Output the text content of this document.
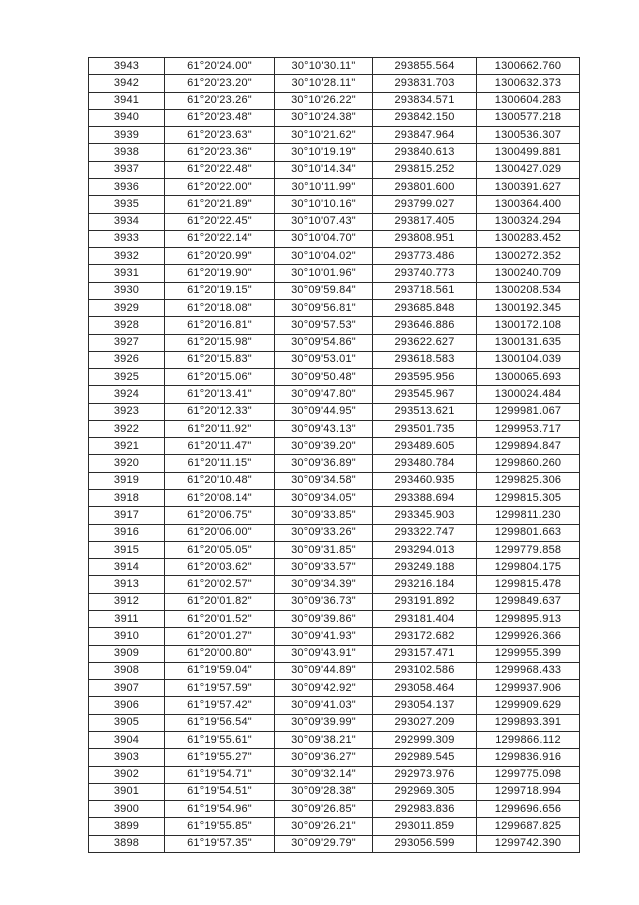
3943	61°20'24.00"	30°10'30.11"	293855.564	1300662.760
3942	61°20'23.20"	30°10'28.11"	293831.703	1300632.373
3941	61°20'23.26"	30°10'26.22"	293834.571	1300604.283
3940	61°20'23.48"	30°10'24.38"	293842.150	1300577.218
3939	61°20'23.63"	30°10'21.62"	293847.964	1300536.307
3938	61°20'23.36"	30°10'19.19"	293840.613	1300499.881
3937	61°20'22.48"	30°10'14.34"	293815.252	1300427.029
3936	61°20'22.00"	30°10'11.99"	293801.600	1300391.627
3935	61°20'21.89"	30°10'10.16"	293799.027	1300364.400
3934	61°20'22.45"	30°10'07.43"	293817.405	1300324.294
3933	61°20'22.14"	30°10'04.70"	293808.951	1300283.452
3932	61°20'20.99"	30°10'04.02"	293773.486	1300272.352
3931	61°20'19.90"	30°10'01.96"	293740.773	1300240.709
3930	61°20'19.15"	30°09'59.84"	293718.561	1300208.534
3929	61°20'18.08"	30°09'56.81"	293685.848	1300192.345
3928	61°20'16.81"	30°09'57.53"	293646.886	1300172.108
3927	61°20'15.98"	30°09'54.86"	293622.627	1300131.635
3926	61°20'15.83"	30°09'53.01"	293618.583	1300104.039
3925	61°20'15.06"	30°09'50.48"	293595.956	1300065.693
3924	61°20'13.41"	30°09'47.80"	293545.967	1300024.484
3923	61°20'12.33"	30°09'44.95"	293513.621	1299981.067
3922	61°20'11.92"	30°09'43.13"	293501.735	1299953.717
3921	61°20'11.47"	30°09'39.20"	293489.605	1299894.847
3920	61°20'11.15"	30°09'36.89"	293480.784	1299860.260
3919	61°20'10.48"	30°09'34.58"	293460.935	1299825.306
3918	61°20'08.14"	30°09'34.05"	293388.694	1299815.305
3917	61°20'06.75"	30°09'33.85"	293345.903	1299811.230
3916	61°20'06.00"	30°09'33.26"	293322.747	1299801.663
3915	61°20'05.05"	30°09'31.85"	293294.013	1299779.858
3914	61°20'03.62"	30°09'33.57"	293249.188	1299804.175
3913	61°20'02.57"	30°09'34.39"	293216.184	1299815.478
3912	61°20'01.82"	30°09'36.73"	293191.892	1299849.637
3911	61°20'01.52"	30°09'39.86"	293181.404	1299895.913
3910	61°20'01.27"	30°09'41.93"	293172.682	1299926.366
3909	61°20'00.80"	30°09'43.91"	293157.471	1299955.399
3908	61°19'59.04"	30°09'44.89"	293102.586	1299968.433
3907	61°19'57.59"	30°09'42.92"	293058.464	1299937.906
3906	61°19'57.42"	30°09'41.03"	293054.137	1299909.629
3905	61°19'56.54"	30°09'39.99"	293027.209	1299893.391
3904	61°19'55.61"	30°09'38.21"	292999.309	1299866.112
3903	61°19'55.27"	30°09'36.27"	292989.545	1299836.916
3902	61°19'54.71"	30°09'32.14"	292973.976	1299775.098
3901	61°19'54.51"	30°09'28.38"	292969.305	1299718.994
3900	61°19'54.96"	30°09'26.85"	292983.836	1299696.656
3899	61°19'55.85"	30°09'26.21"	293011.859	1299687.825
3898	61°19'57.35"	30°09'29.79"	293056.599	1299742.390
